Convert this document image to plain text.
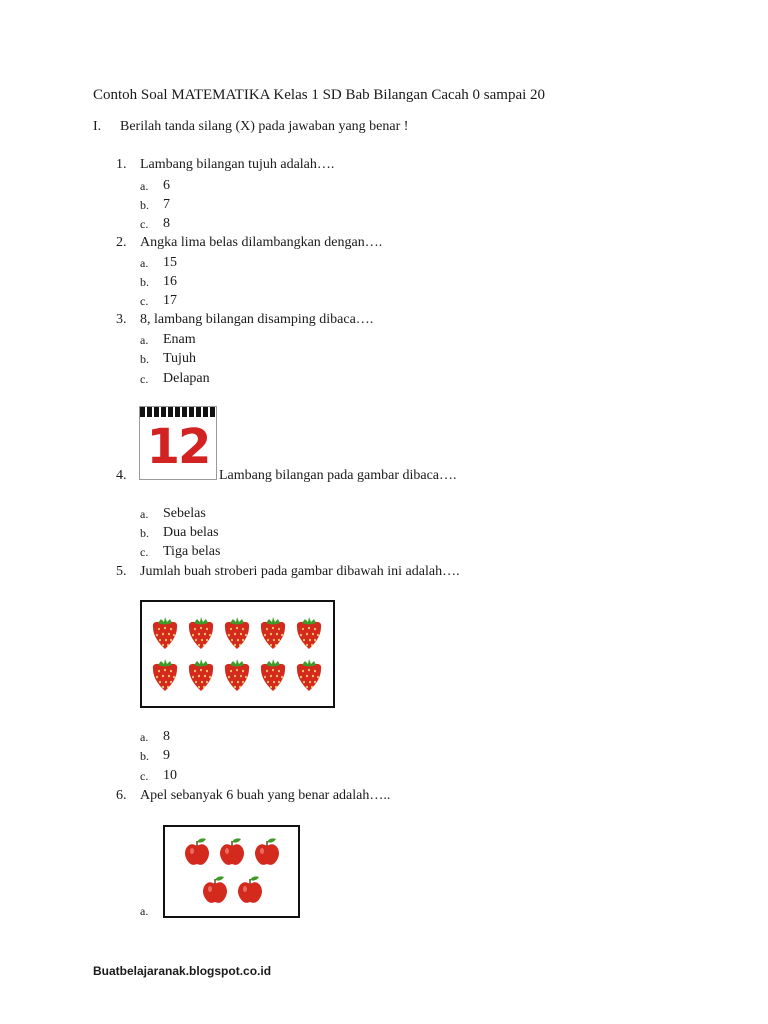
Contoh Soal MATEMATIKA Kelas 1 SD Bab Bilangan Cacah 0 sampai 20
I. Berilah tanda silang (X) pada jawaban yang benar !
1. Lambang bilangan tujuh adalah….
a. 6
b. 7
c. 8
2. Angka lima belas dilambangkan dengan….
a. 15
b. 16
c. 17
3. 8, lambang bilangan disamping dibaca….
a. Enam
b. Tujuh
c. Delapan
12
4.	Lambang bilangan pada gambar dibaca….
a. Sebelas
b. Dua belas
c. Tiga belas
5. Jumlah buah stroberi pada gambar dibawah ini adalah….
a. 8
b. 9
c. 10
6. Apel sebanyak 6 buah yang benar adalah…..
a.
Buatbelajaranak.blogspot.co.id
